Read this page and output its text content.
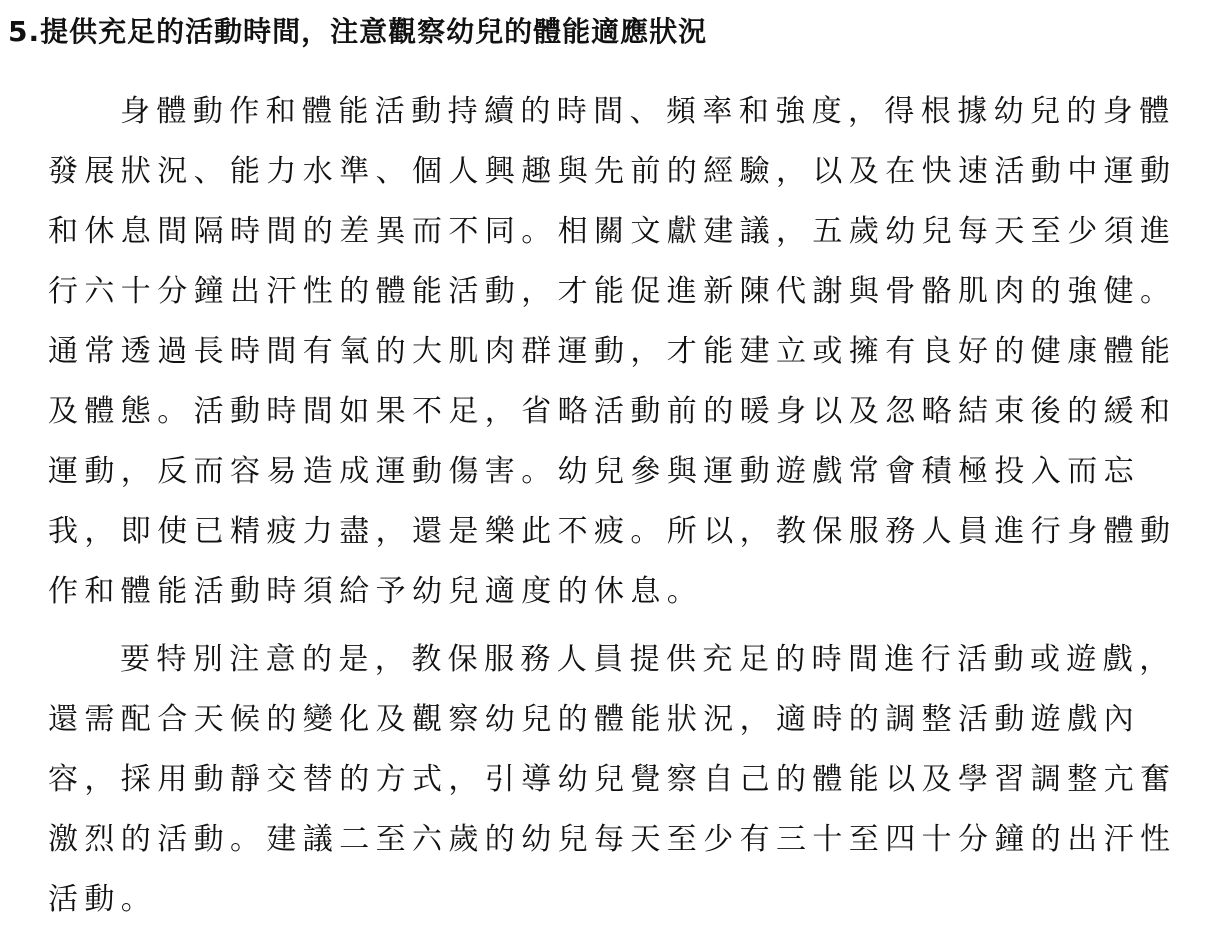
5.提供充足的活動時間，注意觀察幼兒的體能適應狀況
身體動作和體能活動持續的時間、頻率和強度，得根據幼兒的身體
發展狀況、能力水準、個人興趣與先前的經驗，以及在快速活動中運動
和休息間隔時間的差異而不同。相關文獻建議，五歲幼兒每天至少須進
行六十分鐘出汗性的體能活動，才能促進新陳代謝與骨骼肌肉的強健。
通常透過長時間有氧的大肌肉群運動，才能建立或擁有良好的健康體能
及體態。活動時間如果不足，省略活動前的暖身以及忽略結束後的緩和
運動，反而容易造成運動傷害。幼兒參與運動遊戲常會積極投入而忘
我，即使已精疲力盡，還是樂此不疲。所以，教保服務人員進行身體動
作和體能活動時須給予幼兒適度的休息。
要特別注意的是，教保服務人員提供充足的時間進行活動或遊戲，
還需配合天候的變化及觀察幼兒的體能狀況，適時的調整活動遊戲內
容，採用動靜交替的方式，引導幼兒覺察自己的體能以及學習調整亢奮
激烈的活動。建議二至六歲的幼兒每天至少有三十至四十分鐘的出汗性
活動。
